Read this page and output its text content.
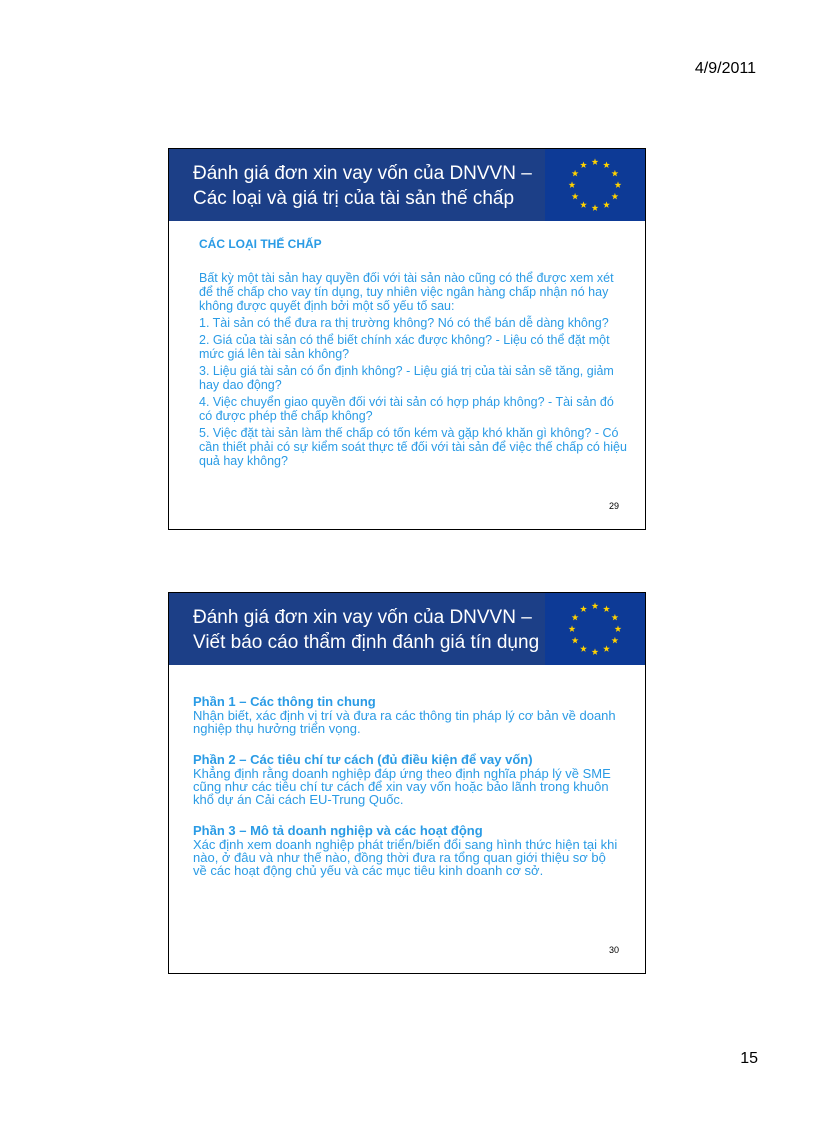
4/9/2011
Đánh giá đơn xin vay vốn của DNVVN –
Các loại và giá trị của tài sản thế chấp
CÁC LOẠI THẾ CHẤP

Bất kỳ một tài sản hay quyền đối với tài sản nào cũng có thể được xem xét để thế chấp cho vay tín dụng, tuy nhiên việc ngân hàng chấp nhận nó hay không được quyết định bởi một số yếu tố sau:

1. Tài sản có thể đưa ra thị trường không? Nó có thể bán dễ dàng không?

2. Giá của tài sản có thể biết chính xác được không? - Liệu có thể đặt một mức giá lên tài sản không?

3. Liệu giá tài sản có ổn định không? - Liệu giá trị của tài sản sẽ tăng, giảm hay dao động?

4. Việc chuyển giao quyền đối với tài sản có hợp pháp không? - Tài sản đó có được phép thế chấp không?

5. Việc đặt tài sản làm thế chấp có tốn kém và gặp khó khăn gì không? - Có cần thiết phải có sự kiểm soát thực tế đối với tài sản để việc thế chấp có hiệu quả hay không?

29
Đánh giá đơn xin vay vốn của DNVVN –
Viết báo cáo thẩm định đánh giá tín dụng
Phần 1 – Các thông tin chung
Nhận biết, xác định vị trí và đưa ra các thông tin pháp lý cơ bản về doanh nghiệp thụ hưởng triển vọng.
Phần 2 – Các tiêu chí tư cách (đủ điều kiện để vay vốn)
Khẳng định rằng doanh nghiệp đáp ứng theo định nghĩa pháp lý về SME cũng như các tiêu chí tư cách để xin vay vốn hoặc bảo lãnh trong khuôn khổ dự án Cải cách EU-Trung Quốc.
Phần 3 – Mô tả doanh nghiệp và các hoạt động
Xác định xem doanh nghiệp phát triển/biến đổi sang hình thức hiện tại khi nào, ở đâu và như thế nào, đồng thời đưa ra tổng quan giới thiệu sơ bộ về các hoạt động chủ yếu và các mục tiêu kinh doanh cơ sở.
30
15
